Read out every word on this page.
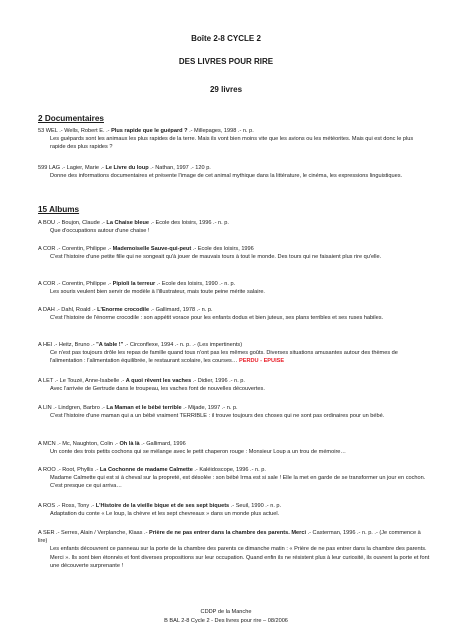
Boîte 2-8 CYCLE 2
DES LIVRES POUR RIRE
29 livres
2 Documentaires

53 WEL .- Wells, Robert E. .- Plus rapide que le guépard ? .- Millepages, 1998 .- n. p.

Les guépards sont les animaux les plus rapides de la terre. Mais ils vont bien moins vite que les avions ou les météorites. Mais qui est donc le plus rapide des plus rapides ?

599 LAG .- Lagier, Marie .- Le Livre du loup .- Nathan, 1997 .- 120 p.

Donne des informations documentaires et présente l'image de cet animal mythique dans la littérature, le cinéma, les expressions linguistiques.

15 Albums

A BOU .- Boujon, Claude .- La Chaise bleue .- Ecole des loisirs, 1996 .- n. p.

Que d'occupations autour d'une chaise !

A COR .- Corentin, Philippe .- Mademoiselle Sauve-qui-peut .- Ecole des loisirs, 1996

C'est l'histoire d'une petite fille qui ne songeait qu'à jouer de mauvais tours à tout le monde. Des tours qui ne faisaient plus rire qu'elle.

A COR .- Corentin, Philippe .- Pipioli la terreur .- Ecole des loisirs, 1990 .- n. p.

Les souris veulent bien servir de modèle à l'illustrateur, mais toute peine mérite salaire.

A DAH .- Dahl, Roald .- L'Enorme crocodile .- Gallimard, 1978 .- n. p.

C'est l'histoire de l'énorme crocodile : son appétit vorace pour les enfants dodus et bien juteux, ses plans terribles et ses ruses habiles.

A HEI .- Heitz, Bruno .- "A table !" .- Circonflexe, 1994 .- n. p. .- (Les impertinents)

Ce n'est pas toujours drôle les repas de famille quand tous n'ont pas les mêmes goûts. Diverses situations amusantes autour des thèmes de l'alimentation : l'alimentation équilibrée, le restaurant scolaire, les courses… PERDU - EPUISE

A LET .- Le Touzé, Anne-Isabelle .- A quoi rêvent les vaches .- Didier, 1996 .- n. p.

Avec l'arrivée de Gertrude dans le troupeau, les vaches font de nouvelles découvertes.

A LIN .- Lindgren, Barbro .- La Maman et le bébé terrible .- Mijade, 1997 .- n. p.

C'est l'histoire d'une maman qui a un bébé vraiment TERRIBLE : il trouve toujours des choses qui ne sont pas ordinaires pour un bébé.

A MCN .- Mc, Naughton, Colin .- Oh là là .- Gallimard, 1996

Un conte des trois petits cochons qui se mélange avec le petit chaperon rouge : Monsieur Loup a un trou de mémoire…

A ROO .- Root, Phyllis .- La Cochonne de madame Calmette .- Kaléidoscope, 1996 .- n. p.

Madame Calmette qui est si à cheval sur la propreté, est désolée : son bébé Irma est si sale ! Elle la met en garde de se transformer un jour en cochon. C'est presque ce qui arriva…

A ROS .- Ross, Tony .- L'Histoire de la vieille bique et de ses sept biquets .- Seuil, 1990 .- n. p.

Adaptation du conte « Le loup, la chèvre et les sept chevreaux » dans un monde plus actuel.

A SER .- Serres, Alain / Verplanche, Klaas .- Prière de ne pas entrer dans la chambre des parents. Merci .- Casterman, 1996 .- n. p. .- (Je commence à lire)

Les enfants découvrent ce panneau sur la porte de la chambre des parents ce dimanche matin : « Prière de ne pas entrer dans la chambre des parents. Merci ». Ils sont bien étonnés et font diverses propositions sur leur occupation. Quand enfin ils ne résistent plus à leur curiosité, ils ouvrent la porte et font une découverte surprenante !

CDDP de la Manche
B BAL 2-8 Cycle 2 - Des livres pour rire – 08/2006
